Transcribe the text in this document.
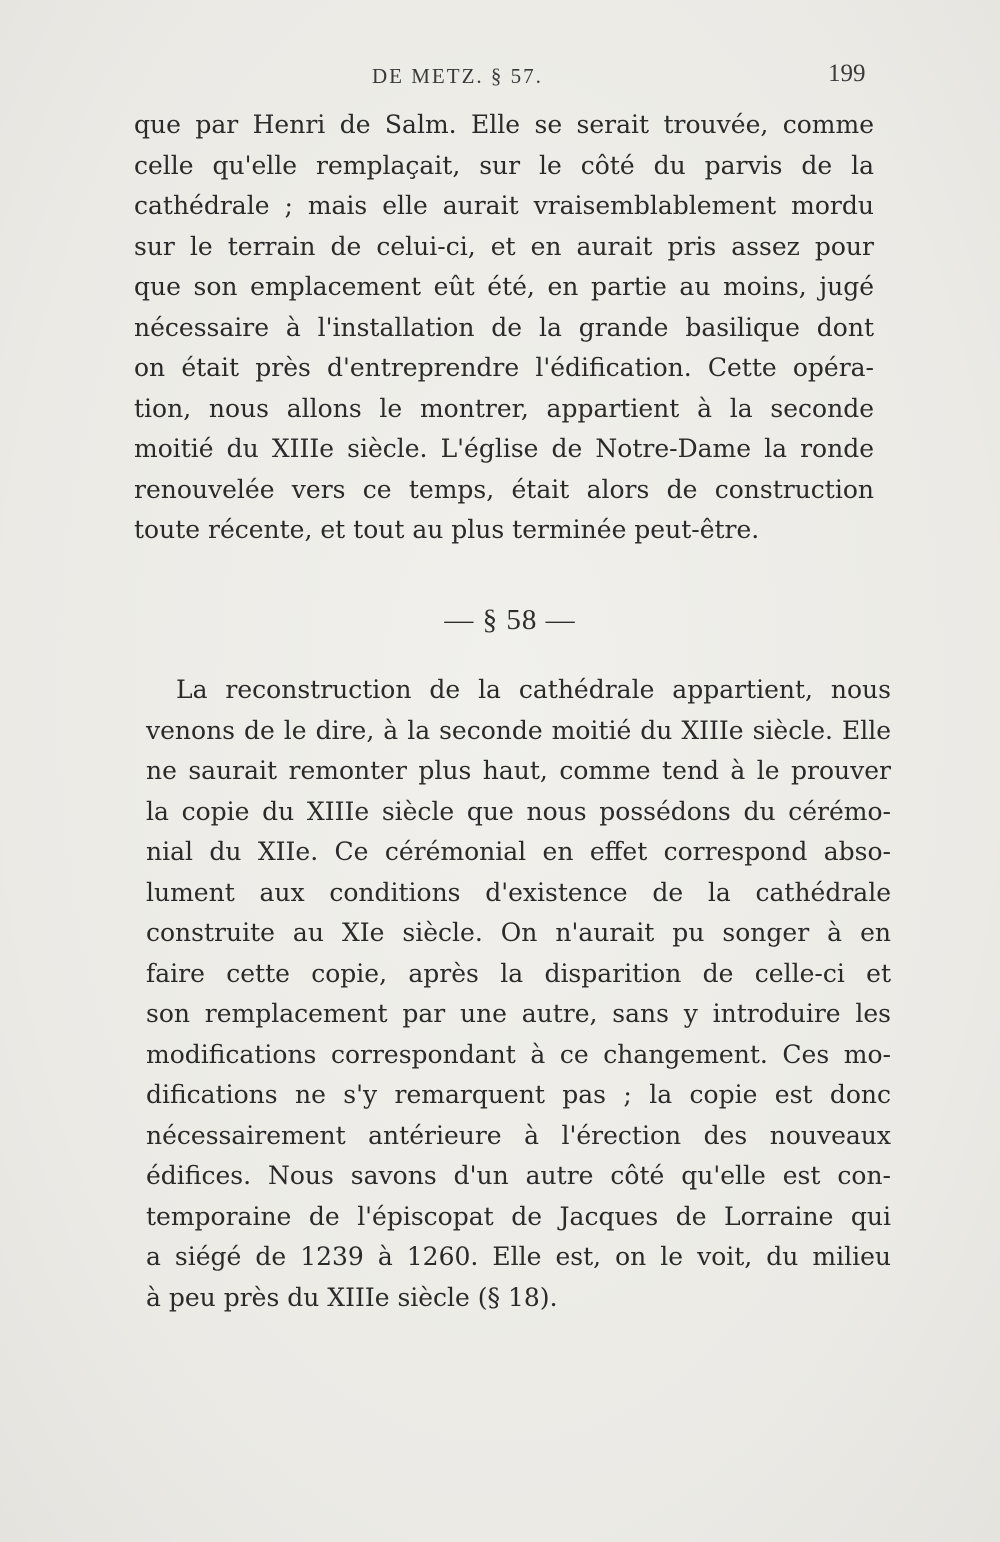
DE METZ. § 57.	199
que par Henri de Salm. Elle se serait trouvée, comme
celle qu'elle remplaçait, sur le côté du parvis de la
cathédrale ; mais elle aurait vraisemblablement mordu
sur le terrain de celui-ci, et en aurait pris assez pour
que son emplacement eût été, en partie au moins, jugé
nécessaire à l'installation de la grande basilique dont
on était près d'entreprendre l'édification. Cette opéra-
tion, nous allons le montrer, appartient à la seconde
moitié du XIIIe siècle. L'église de Notre-Dame la ronde
renouvelée vers ce temps, était alors de construction
toute récente, et tout au plus terminée peut-être.
— § 58 —
La reconstruction de la cathédrale appartient, nous
venons de le dire, à la seconde moitié du XIIIe siècle. Elle
ne saurait remonter plus haut, comme tend à le prouver
la copie du XIIIe siècle que nous possédons du cérémo-
nial du XIIe. Ce cérémonial en effet correspond abso-
lument aux conditions d'existence de la cathédrale
construite au XIe siècle. On n'aurait pu songer à en
faire cette copie, après la disparition de celle-ci et
son remplacement par une autre, sans y introduire les
modifications correspondant à ce changement. Ces mo-
difications ne s'y remarquent pas ; la copie est donc
nécessairement antérieure à l'érection des nouveaux
édifices. Nous savons d'un autre côté qu'elle est con-
temporaine de l'épiscopat de Jacques de Lorraine qui
a siégé de 1239 à 1260. Elle est, on le voit, du milieu
à peu près du XIIIe siècle (§ 18).
